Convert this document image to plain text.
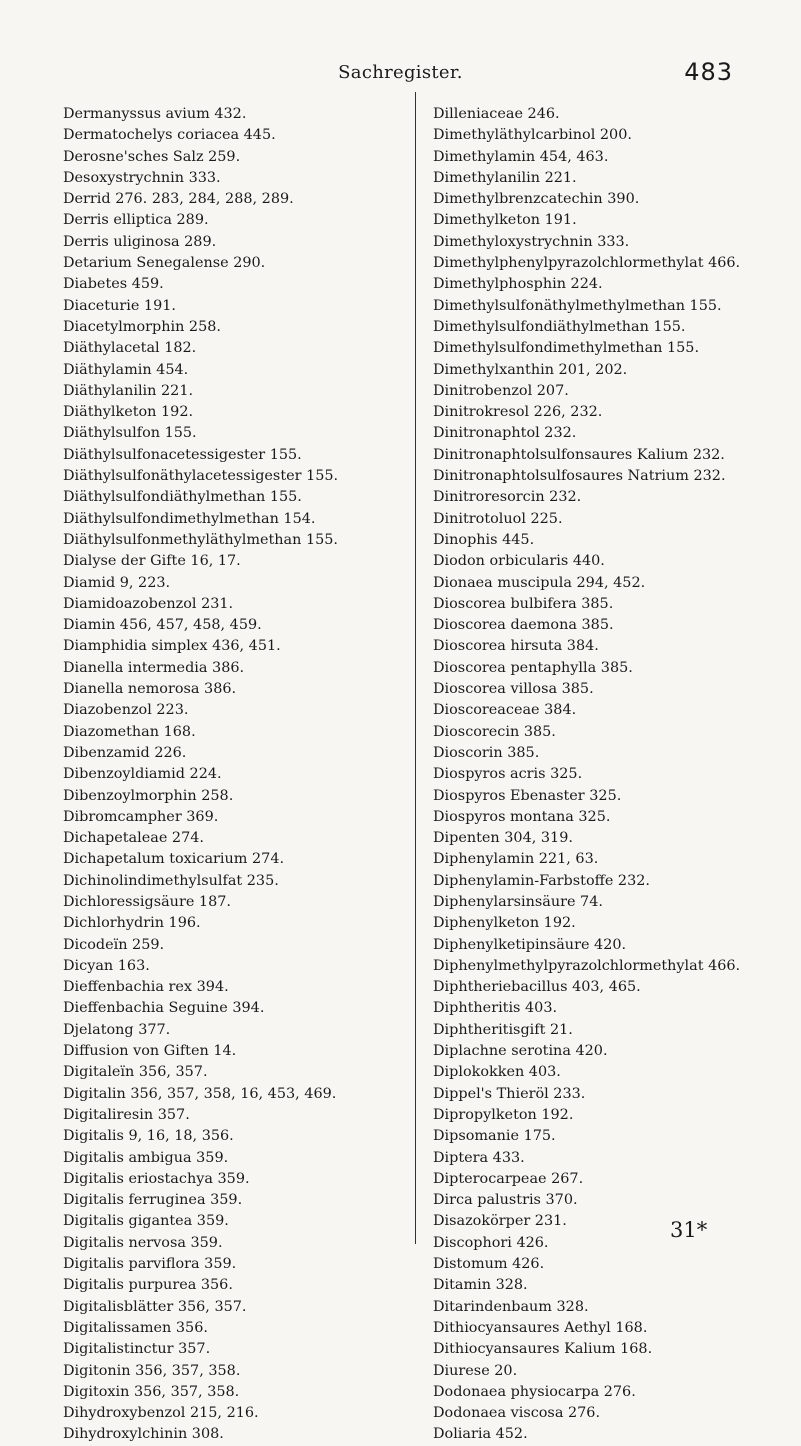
Sachregister.	483
Dermanyssus avium 432.
Dermatochelys coriacea 445.
Derosne'sches Salz 259.
Desoxystrychnin 333.
Derrid 276. 283, 284, 288, 289.
Derris elliptica 289.
Derris uliginosa 289.
Detarium Senegalense 290.
Diabetes 459.
Diaceturie 191.
Diacetylmorphin 258.
Diäthylacetal 182.
Diäthylamin 454.
Diäthylanilin 221.
Diäthylketon 192.
Diäthylsulfon 155.
Diäthylsulfonacetessigester 155.
Diäthylsulfonäthylacetessigester 155.
Diäthylsulfondiäthylmethan 155.
Diäthylsulfondimethylmethan 154.
Diäthylsulfonmethyläthylmethan 155.
Dialyse der Gifte 16, 17.
Diamid 9, 223.
Diamidoazobenzol 231.
Diamin 456, 457, 458, 459.
Diamphidia simplex 436, 451.
Dianella intermedia 386.
Dianella nemorosa 386.
Diazobenzol 223.
Diazomethan 168.
Dibenzamid 226.
Dibenzoyldiamid 224.
Dibenzoylmorphin 258.
Dibromcampher 369.
Dichapetaleae 274.
Dichapetalum toxicarium 274.
Dichinolindimethylsulfat 235.
Dichloressigsäure 187.
Dichlorhydrin 196.
Dicodeïn 259.
Dicyan 163.
Dieffenbachia rex 394.
Dieffenbachia Seguine 394.
Djelatong 377.
Diffusion von Giften 14.
Digitaleïn 356, 357.
Digitalin 356, 357, 358, 16, 453, 469.
Digitaliresin 357.
Digitalis 9, 16, 18, 356.
Digitalis ambigua 359.
Digitalis eriostachya 359.
Digitalis ferruginea 359.
Digitalis gigantea 359.
Digitalis nervosa 359.
Digitalis parviflora 359.
Digitalis purpurea 356.
Digitalisblätter 356, 357.
Digitalissamen 356.
Digitalistinctur 357.
Digitonin 356, 357, 358.
Digitoxin 356, 357, 358.
Dihydroxybenzol 215, 216.
Dihydroxylchinin 308.
Dilleniaceae 246.
Dimethyläthylcarbinol 200.
Dimethylamin 454, 463.
Dimethylanilin 221.
Dimethylbrenzcatechin 390.
Dimethylketon 191.
Dimethyloxystrychnin 333.
Dimethylphenylpyrazolchlormethylat 466.
Dimethylphosphin 224.
Dimethylsulfonäthylmethylmethan 155.
Dimethylsulfondiäthylmethan 155.
Dimethylsulfondimethylmethan 155.
Dimethylxanthin 201, 202.
Dinitrobenzol 207.
Dinitrokresol 226, 232.
Dinitronaphtol 232.
Dinitronaphtolsulfonsaures Kalium 232.
Dinitronaphtolsulfosaures Natrium 232.
Dinitroresorcin 232.
Dinitrotoluol 225.
Dinophis 445.
Diodon orbicularis 440.
Dionaea muscipula 294, 452.
Dioscorea bulbifera 385.
Dioscorea daemona 385.
Dioscorea hirsuta 384.
Dioscorea pentaphylla 385.
Dioscorea villosa 385.
Dioscoreaceae 384.
Dioscorecin 385.
Dioscorin 385.
Diospyros acris 325.
Diospyros Ebenaster 325.
Diospyros montana 325.
Dipenten 304, 319.
Diphenylamin 221, 63.
Diphenylamin-Farbstoffe 232.
Diphenylarsinsäure 74.
Diphenylketon 192.
Diphenylketipinsäure 420.
Diphenylmethylpyrazolchlormethylat 466.
Diphtheriebacillus 403, 465.
Diphtheritis 403.
Diphtheritisgift 21.
Diplachne serotina 420.
Diplokokken 403.
Dippel's Thieröl 233.
Dipropylketon 192.
Dipsomanie 175.
Diptera 433.
Dipterocarpeae 267.
Dirca palustris 370.
Disazokörper 231.
Discophori 426.
Distomum 426.
Ditamin 328.
Ditarindenbaum 328.
Dithiocyansaures Aethyl 168.
Dithiocyansaures Kalium 168.
Diurese 20.
Dodonaea physiocarpa 276.
Dodonaea viscosa 276.
Doliaria 452.
31*
